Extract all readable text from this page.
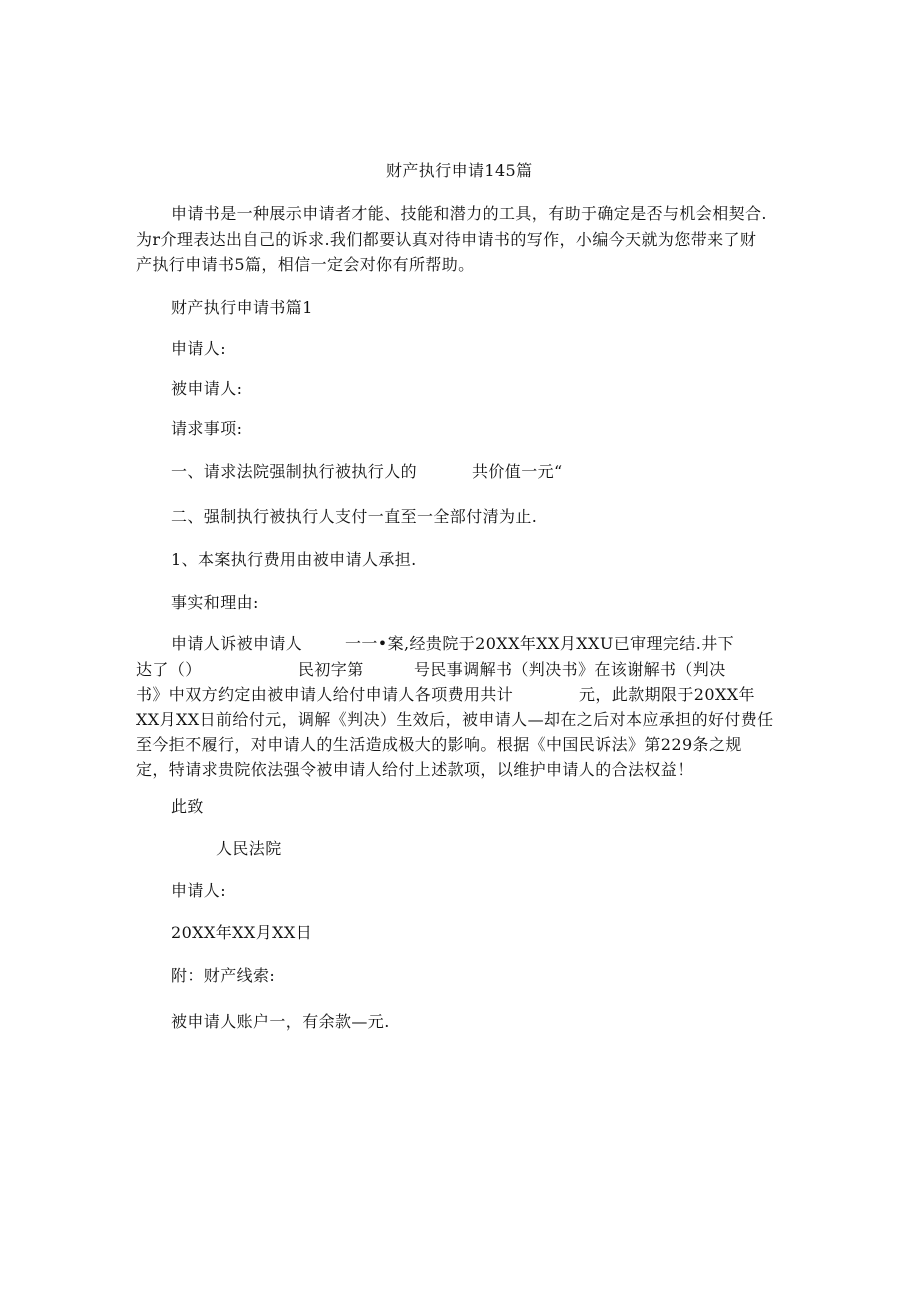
财产执行申请145篇
申请书是一种展示申请者才能、技能和潜力的工具，有助于确定是否与机会相契合.
为r介理表达出自己的诉求.我们都要认真对待申请书的写作，小编今天就为您带来了财
产执行申请书5篇，相信一定会对你有所帮助。
财产执行申请书篇1
申请人:
被申请人:
请求事项:
一、请求法院强制执行被执行人的	共价值一元“
二、强制执行被执行人支付一直至一全部付清为止.
1、本案执行费用由被申请人承担.
事实和理由:
申请人诉被申请人	一一•案,经贵院于20XX年XX月XXU已审理完结.井下
达了（）	民初字第	号民事调解书（判决书》在该谢解书（判决
书》中双方约定由被申请人给付申请人各项费用共计	元，此款期限于20XX年
XX月XX日前给付元，调解《判决）生效后，被申请人—却在之后对本应承担的好付费任
至今拒不履行，对申请人的生活造成极大的影响。根据《中国民诉法》第229条之规
定，特请求贵院依法强令被申请人给付上述款项，以维护申请人的合法权益！
此致
人民法院
申请人:
20XX年XX月XX日
附：财产线索:
被申请人账户一，有余款—元.
